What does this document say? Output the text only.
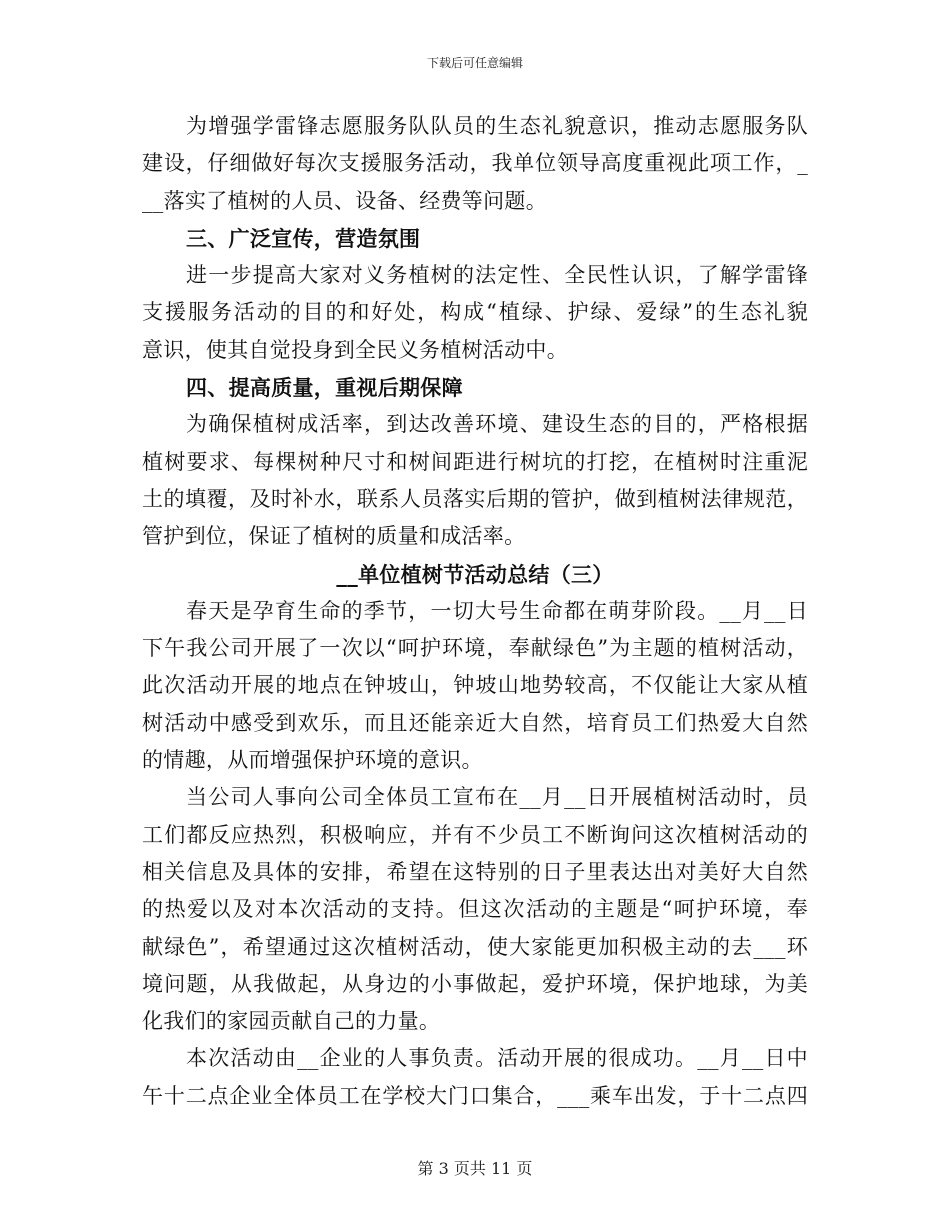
下载后可任意编辑
为增强学雷锋志愿服务队队员的生态礼貌意识，推动志愿服务队
建设，仔细做好每次支援服务活动，我单位领导高度重视此项工作，_
__落实了植树的人员、设备、经费等问题。
三、广泛宣传，营造氛围
进一步提高大家对义务植树的法定性、全民性认识，了解学雷锋
支援服务活动的目的和好处，构成“植绿、护绿、爱绿”的生态礼貌
意识，使其自觉投身到全民义务植树活动中。
四、提高质量，重视后期保障
为确保植树成活率，到达改善环境、建设生态的目的，严格根据
植树要求、每棵树种尺寸和树间距进行树坑的打挖，在植树时注重泥
土的填覆，及时补水，联系人员落实后期的管护，做到植树法律规范，
管护到位，保证了植树的质量和成活率。
__单位植树节活动总结（三）
春天是孕育生命的季节，一切大号生命都在萌芽阶段。__月__日
下午我公司开展了一次以“呵护环境，奉献绿色”为主题的植树活动，
此次活动开展的地点在钟坡山，钟坡山地势较高，不仅能让大家从植
树活动中感受到欢乐，而且还能亲近大自然，培育员工们热爱大自然
的情趣，从而增强保护环境的意识。
当公司人事向公司全体员工宣布在__月__日开展植树活动时，员
工们都反应热烈，积极响应，并有不少员工不断询问这次植树活动的
相关信息及具体的安排，希望在这特别的日子里表达出对美好大自然
的热爱以及对本次活动的支持。但这次活动的主题是“呵护环境，奉
献绿色”，希望通过这次植树活动，使大家能更加积极主动的去___环
境问题，从我做起，从身边的小事做起，爱护环境，保护地球，为美
化我们的家园贡献自己的力量。
本次活动由__企业的人事负责。活动开展的很成功。__月__日中
午十二点企业全体员工在学校大门口集合，___乘车出发，于十二点四
第 3 页共 11 页
